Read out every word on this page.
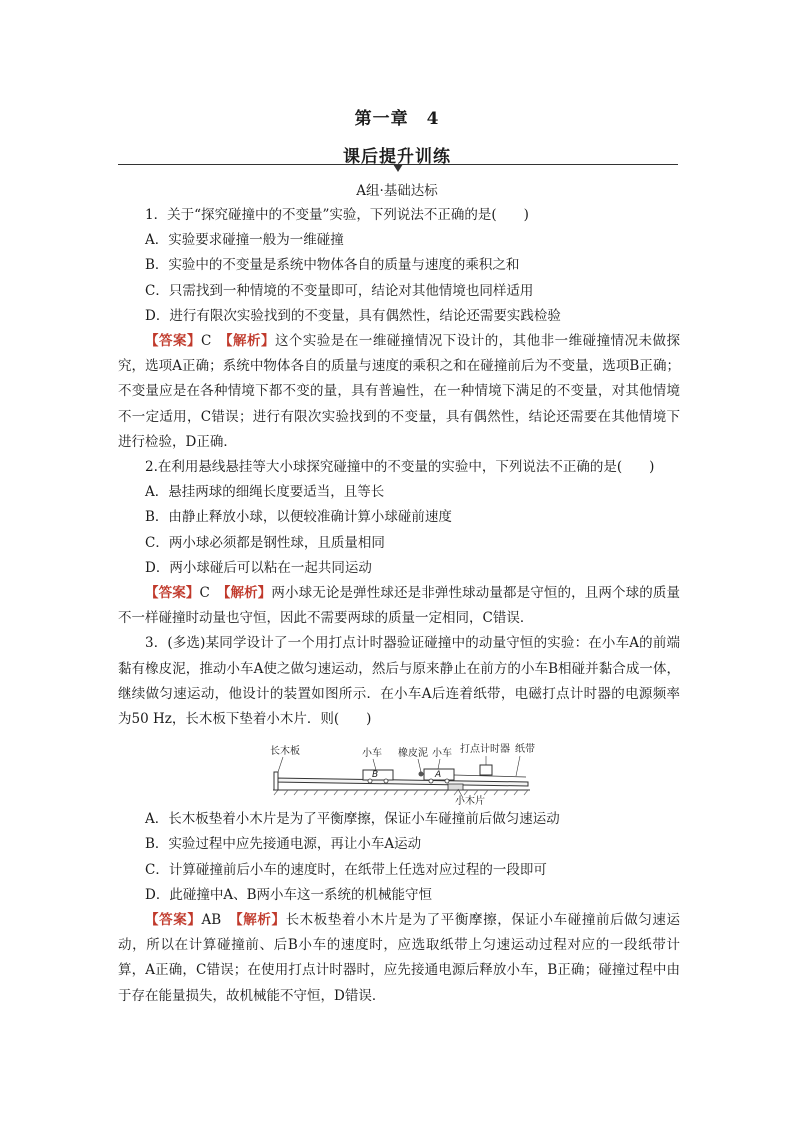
第一章　4
课后提升训练
A组·基础达标

1．关于“探究碰撞中的不变量”实验，下列说法不正确的是(　　)

A．实验要求碰撞一般为一维碰撞

B．实验中的不变量是系统中物体各自的质量与速度的乘积之和

C．只需找到一种情境的不变量即可，结论对其他情境也同样适用

D．进行有限次实验找到的不变量，具有偶然性，结论还需要实践检验

【答案】C　 【解析】这个实验是在一维碰撞情况下设计的，其他非一维碰撞情况未做探究，选项A正确；系统中物体各自的质量与速度的乘积之和在碰撞前后为不变量，选项B正确；不变量应是在各种情境下都不变的量，具有普遍性，在一种情境下满足的不变量，对其他情境不一定适用，C错误；进行有限次实验找到的不变量，具有偶然性，结论还需要在其他情境下进行检验，D正确．

2.在利用悬线悬挂等大小球探究碰撞中的不变量的实验中，下列说法不正确的是(　　)

A．悬挂两球的细绳长度要适当，且等长

B．由静止释放小球，以便较准确计算小球碰前速度

C．两小球必须都是钢性球，且质量相同

D．两小球碰后可以粘在一起共同运动

【答案】C　 【解析】两小球无论是弹性球还是非弹性球动量都是守恒的，且两个球的质量不一样碰撞时动量也守恒，因此不需要两球的质量一定相同，C错误．

3．(多选)某同学设计了一个用打点计时器验证碰撞中的动量守恒的实验：在小车A的前端黏有橡皮泥，推动小车A使之做匀速运动，然后与原来静止在前方的小车B相碰并黏合成一体，继续做匀速运动，他设计的装置如图所示．在小车A后连着纸带，电磁打点计时器的电源频率为50 Hz，长木板下垫着小木片．则(　　)

长木板	小车
B
橡皮泥 小车
A
打点计时器 纸带
小木片

A．长木板垫着小木片是为了平衡摩擦，保证小车碰撞前后做匀速运动

B．实验过程中应先接通电源，再让小车A运动

C．计算碰撞前后小车的速度时，在纸带上任选对应过程的一段即可

D．此碰撞中A、B两小车这一系统的机械能守恒

【答案】AB　 【解析】长木板垫着小木片是为了平衡摩擦，保证小车碰撞前后做匀速运动，所以在计算碰撞前、后B小车的速度时，应选取纸带上匀速运动过程对应的一段纸带计算，A正确，C错误；在使用打点计时器时，应先接通电源后释放小车，B正确；碰撞过程中由于存在能量损失，故机械能不守恒，D错误．
